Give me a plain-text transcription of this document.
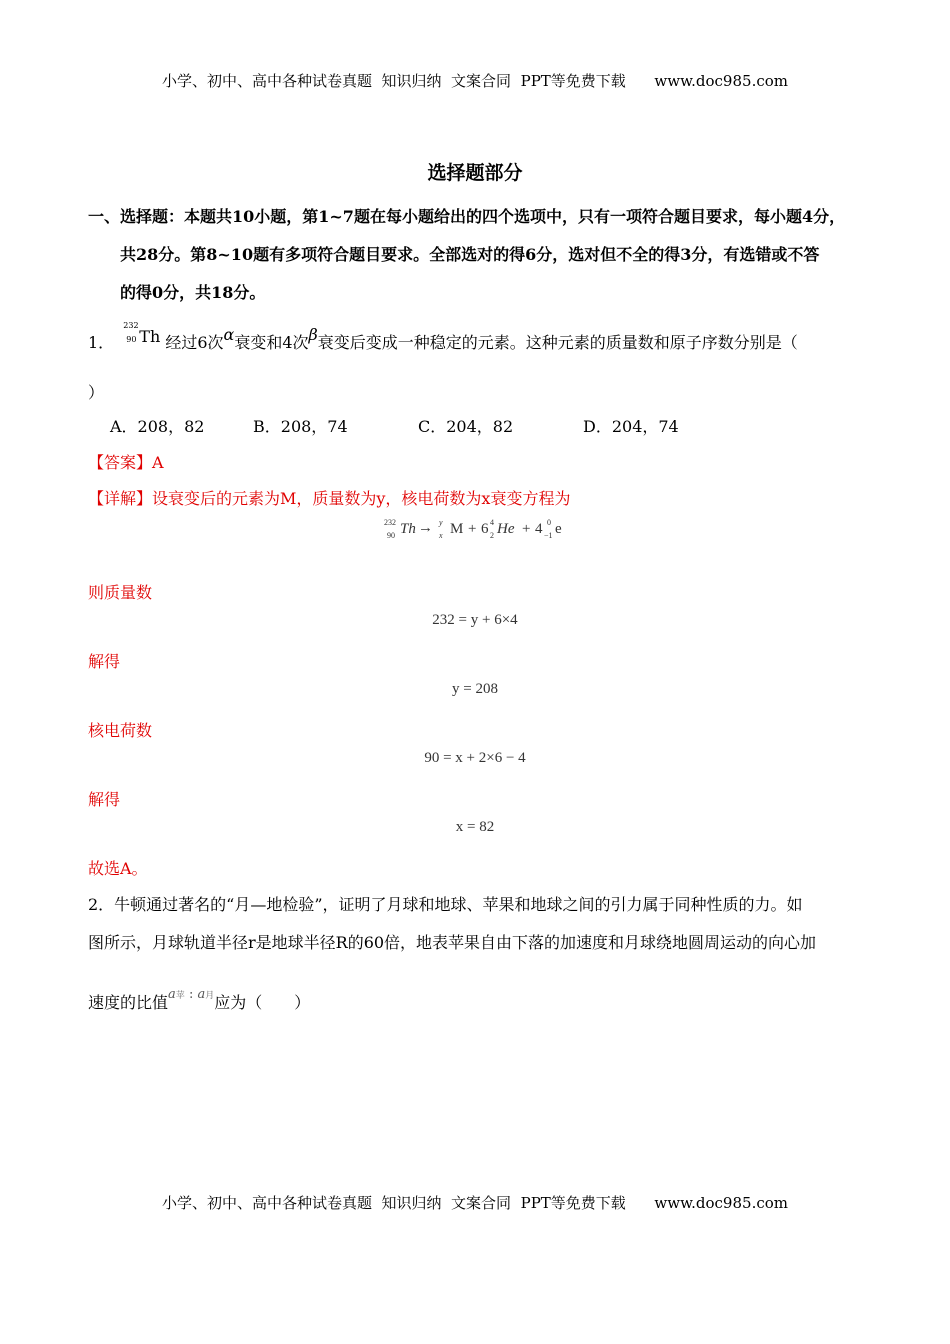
小学、初中、高中各种试卷真题  知识归纳  文案合同  PPT等免费下载      www.doc985.com
选择题部分
一、选择题：本题共10小题，第1~7题在每小题给出的四个选项中，只有一项符合题目要求，每小题4分，
共28分。第8~10题有多项符合题目要求。全部选对的得6分，选对但不全的得3分，有选错或不答
的得0分，共18分。
1．
232
90 Th 经过6次α衰变和4次β衰变后变成一种稳定的元素。这种元素的质量数和原子序数分别是（
）
A．208，82	B．208，74	C．204，82	D．204，74
【答案】A
【详解】设衰变后的元素为M，质量数为y，核电荷数为x衰变方程为
232
90 Th → y
x M + 6 4
2 He + 4 0
−1 e
则质量数
232 = y + 6×4
解得
y = 208
核电荷数
90 = x + 2×6 − 4
解得
x = 82
故选A。
2．牛顿通过著名的“月—地检验”，证明了月球和地球、苹果和地球之间的引力属于同种性质的力。如
图所示，月球轨道半径r是地球半径R的60倍，地表苹果自由下落的加速度和月球绕地圆周运动的向心加
速度的比值$^{a苹 : a月}$应为（　　）
小学、初中、高中各种试卷真题  知识归纳  文案合同  PPT等免费下载      www.doc985.com
